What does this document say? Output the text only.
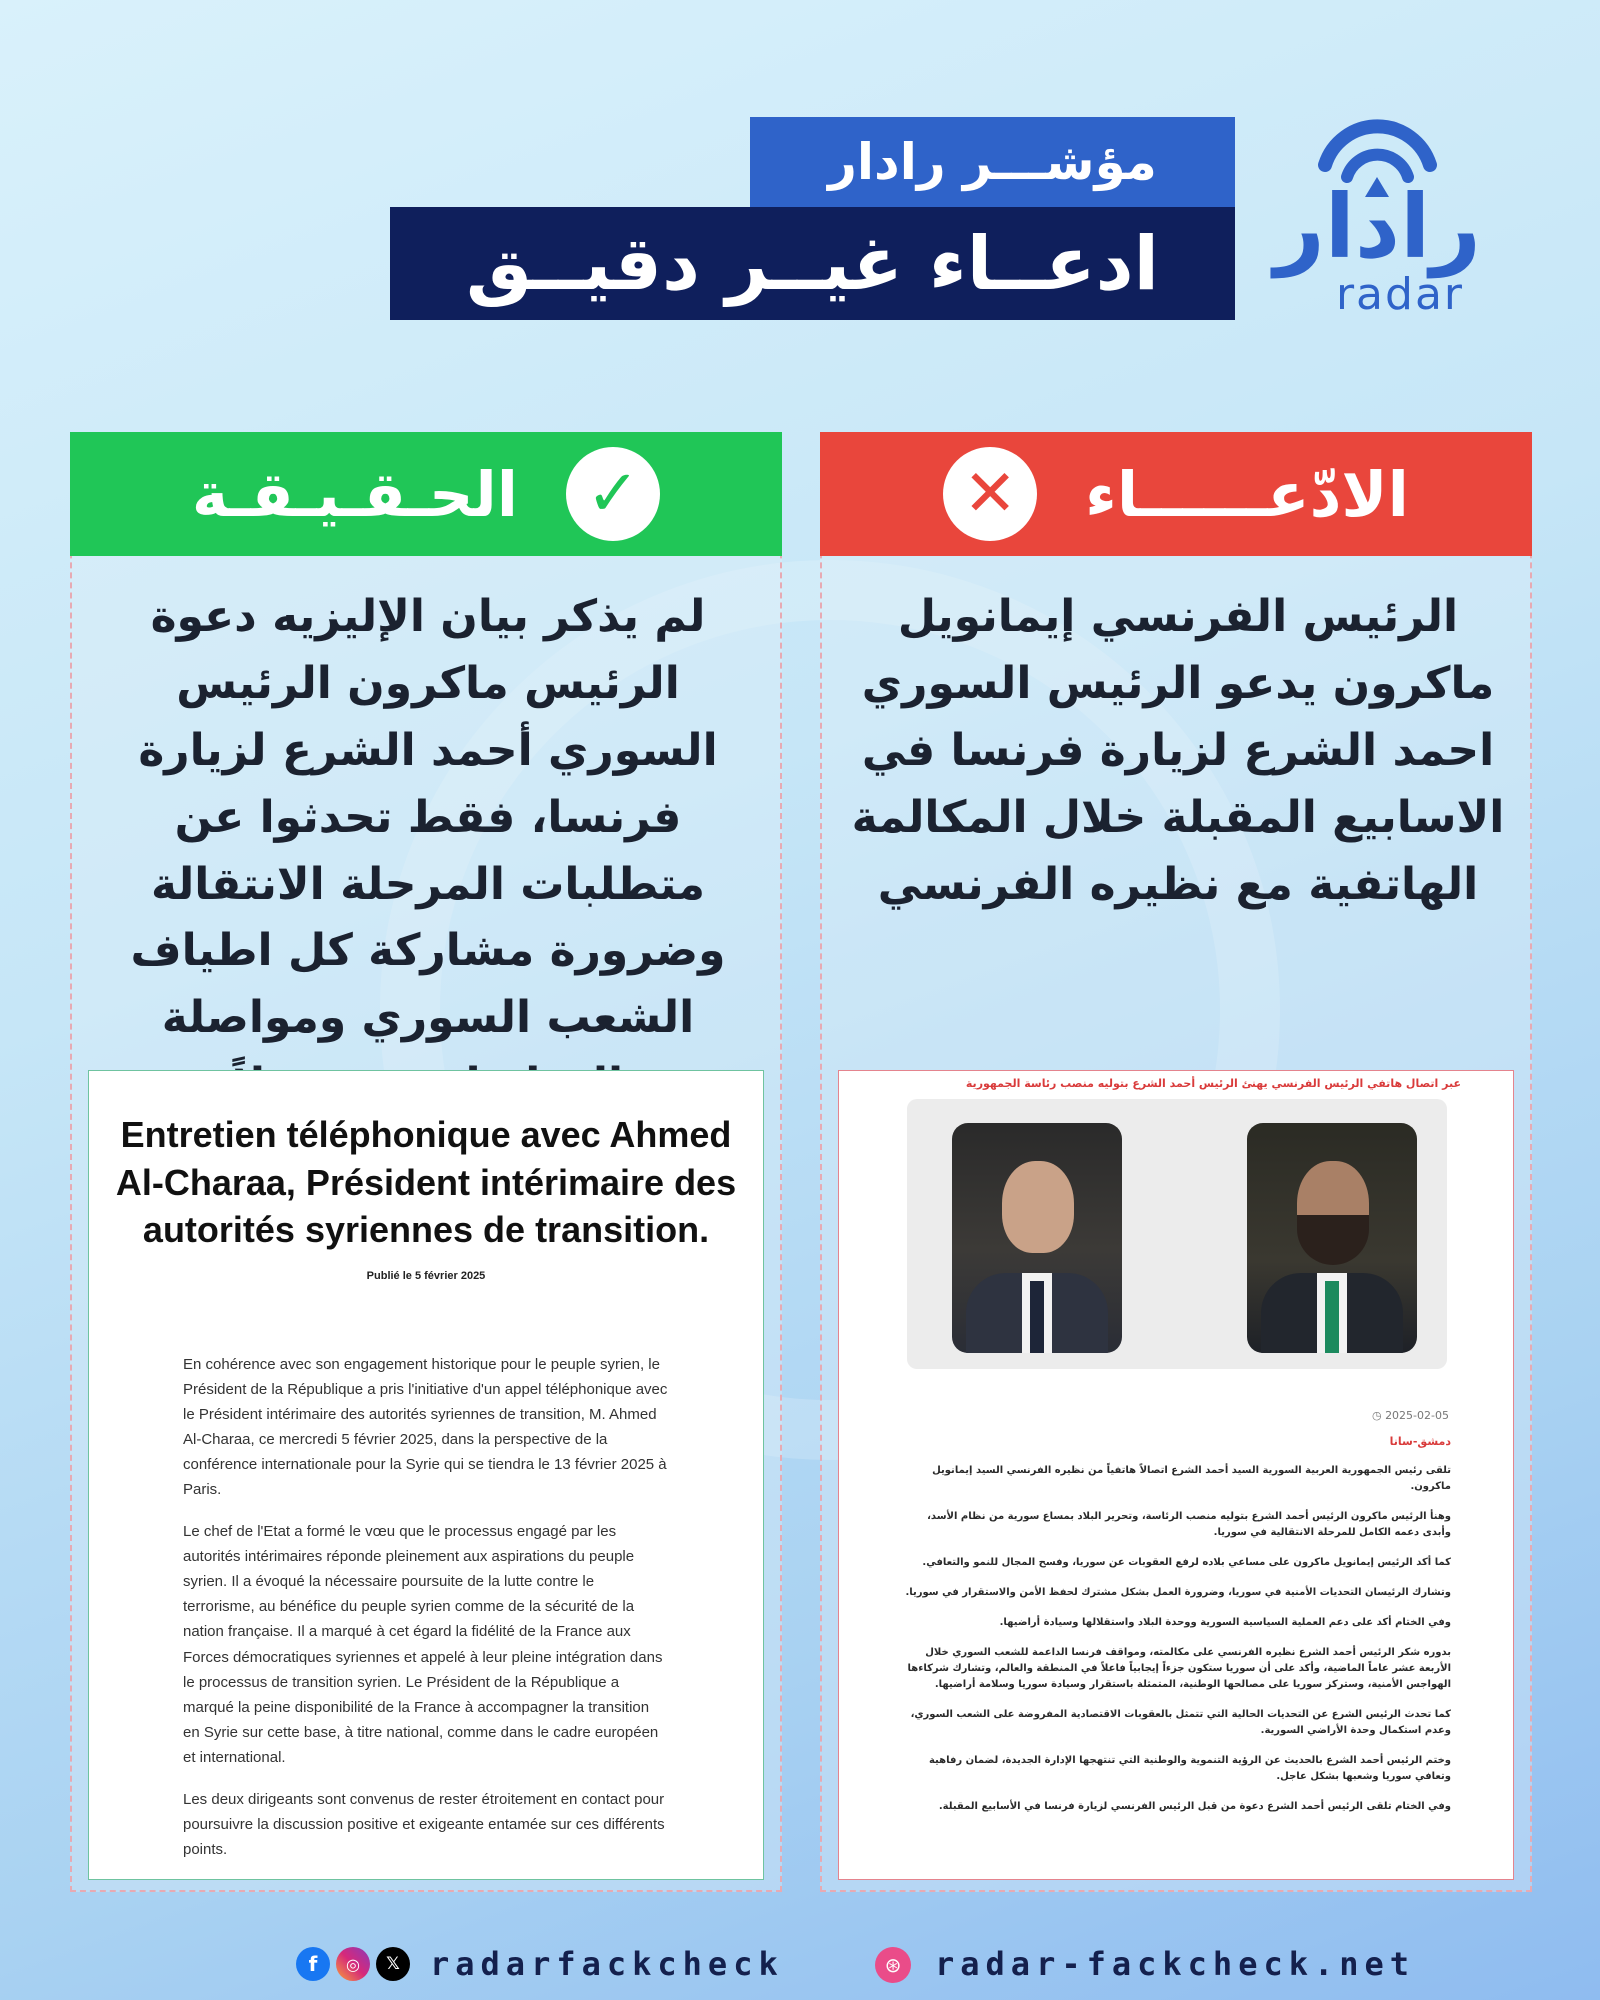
مؤشـــر رادار
ادعــاء غيــر دقيــق	رادار
radar
الحـقـيـقـة	✓
لم يذكر بيان الإليزيه دعوة الرئيس ماكرون الرئيس السوري أحمد الشرع لزيارة فرنسا، فقط تحدثوا عن متطلبات المرحلة الانتقالة وضرورة مشاركة كل اطياف الشعب السوري ومواصلة
Entretien téléphonique avec Ahmed Al-Charaa, Président intérimaire des autorités syriennes de transition.
Publié le 5 février 2025

En cohérence avec son engagement historique pour le peuple syrien, le Président de la République a pris l'initiative d'un appel téléphonique avec le Président intérimaire des autorités syriennes de transition, M. Ahmed Al-Charaa, ce mercredi 5 février 2025, dans la perspective de la conférence internationale pour la Syrie qui se tiendra le 13 février 2025 à Paris.

Le chef de l'Etat a formé le vœu que le processus engagé par les autorités intérimaires réponde pleinement aux aspirations du peuple syrien. Il a évoqué la nécessaire poursuite de la lutte contre le terrorisme, au bénéfice du peuple syrien comme de la sécurité de la nation française. Il a marqué à cet égard la fidélité de la France aux Forces démocratiques syriennes et appelé à leur pleine intégration dans le processus de transition syrien. Le Président de la République a marqué la peine disponibilité de la France à accompagner la transition en Syrie sur cette base, à titre national, comme dans le cadre européen et international.

Les deux dirigeants sont convenus de rester étroitement en contact pour poursuivre la discussion positive et exigeante entamée sur ces différents points.

✕	الادّعــــــاء
الرئيس الفرنسي إيمانويل ماكرون يدعو الرئيس السوري احمد الشرع لزيارة فرنسا في الاسابيع المقبلة خلال المكالمة الهاتفية مع نظيره الفرنسي
عبر اتصال هاتفي الرئيس الفرنسي يهنئ الرئيس أحمد الشرع بتوليه منصب رئاسة الجمهورية
◷ 2025-02-05
دمشق-سانا

تلقى رئيس الجمهورية العربية السورية السيد أحمد الشرع اتصالاً هاتفياً من نظيره الفرنسي السيد إيمانويل ماكرون.

وهنأ الرئيس ماكرون الرئيس أحمد الشرع بتوليه منصب الرئاسة، وتحرير البلاد بمساع سورية من نظام الأسد، وأبدى دعمه الكامل للمرحلة الانتقالية في سوريا.

كما أكد الرئيس إيمانويل ماكرون على مساعي بلاده لرفع العقوبات عن سوريا، وفسح المجال للنمو والتعافي.

وتشارك الرئيسان التحديات الأمنية في سوريا، وضرورة العمل بشكل مشترك لحفظ الأمن والاستقرار في سوريا.

وفي الختام أكد على دعم العملية السياسية السورية ووحدة البلاد واستقلالها وسيادة أراضيها.

بدوره شكر الرئيس أحمد الشرع نظيره الفرنسي على مكالمته، ومواقف فرنسا الداعمة للشعب السوري خلال الأربعة عشر عاماً الماضية، وأكد على أن سوريا ستكون جزءاً إيجابياً فاعلاً في المنطقة والعالم، وتشارك شركاءها الهواجس الأمنية، وستركز سوريا على مصالحها الوطنية، المتمثلة باستقرار وسيادة سوريا وسلامة أراضيها.

كما تحدث الرئيس الشرع عن التحديات الحالية التي تتمثل بالعقوبات الاقتصادية المفروضة على الشعب السوري، وعدم استكمال وحدة الأراضي السورية.

وختم الرئيس أحمد الشرع بالحديث عن الرؤية التنموية والوطنية التي تنتهجها الإدارة الجديدة، لضمان رفاهية وتعافي سوريا وشعبها بشكل عاجل.

وفي الختام تلقى الرئيس أحمد الشرع دعوة من قبل الرئيس الفرنسي لزيارة فرنسا في الأسابيع المقبلة.

f	◎	𝕏 radarfackcheck	⊛	radar-fackcheck.net
